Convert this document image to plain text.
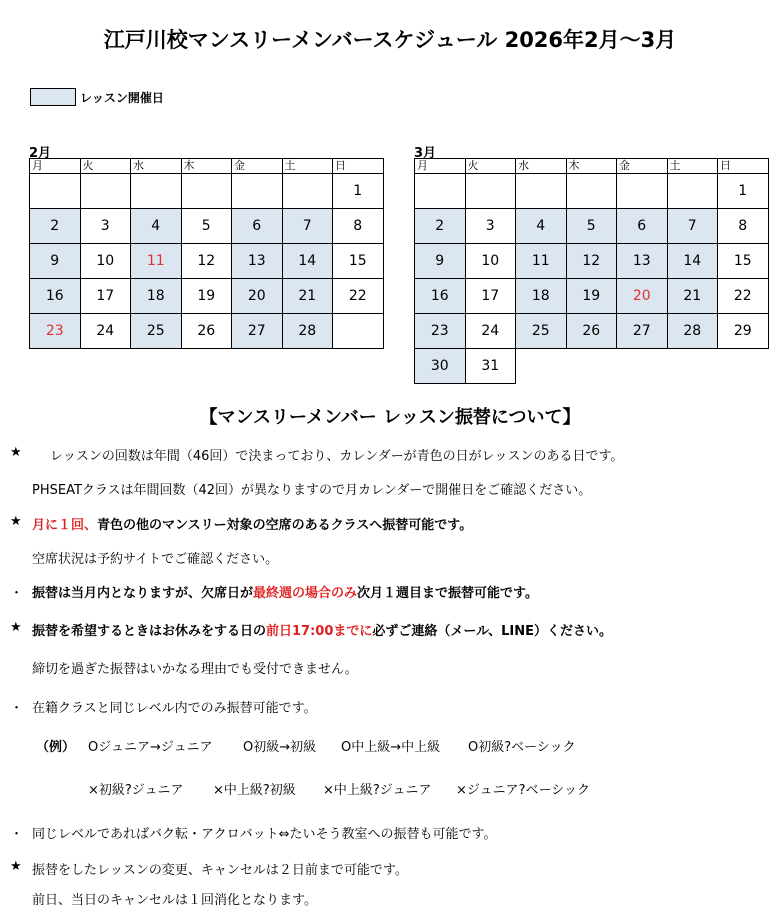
江戸川校マンスリーメンバースケジュール 2026年2月～3月
レッスン開催日
2月
月	火	水	木	金	土	日
						1
2	3	4	5	6	7	8
9	10	11	12	13	14	15
16	17	18	19	20	21	22
23	24	25	26	27	28	
3月
月	火	水	木	金	土	日
						1
2	3	4	5	6	7	8
9	10	11	12	13	14	15
16	17	18	19	20	21	22
23	24	25	26	27	28	29
30	31					
【マンスリーメンバー レッスン振替について】
★ レッスンの回数は年間（46回）で決まっており、カレンダーが青色の日がレッスンのある日です。
PHSEATクラスは年間回数（42回）が異なりますので月カレンダーで開催日をご確認ください。
★ 月に１回、青色の他のマンスリー対象の空席のあるクラスへ振替可能です。
空席状況は予約サイトでご確認ください。
・ 振替は当月内となりますが、欠席日が最終週の場合のみ次月１週目まで振替可能です。
★ 振替を希望するときはお休みをする日の前日17:00までに必ずご連絡（メール、LINE）ください。
締切を過ぎた振替はいかなる理由でも受付できません。
・ 在籍クラスと同じレベル内でのみ振替可能です。
（例） Oジュニア→ジュニア O初級→初級 O中上級→中上級 O初級?ベーシック
×初級?ジュニア ×中上級?初級 ×中上級?ジュニア ×ジュニア?ベーシック
・ 同じレベルであればバク転・アクロバット⇔たいそう教室への振替も可能です。
★ 振替をしたレッスンの変更、キャンセルは２日前まで可能です。
前日、当日のキャンセルは１回消化となります。
